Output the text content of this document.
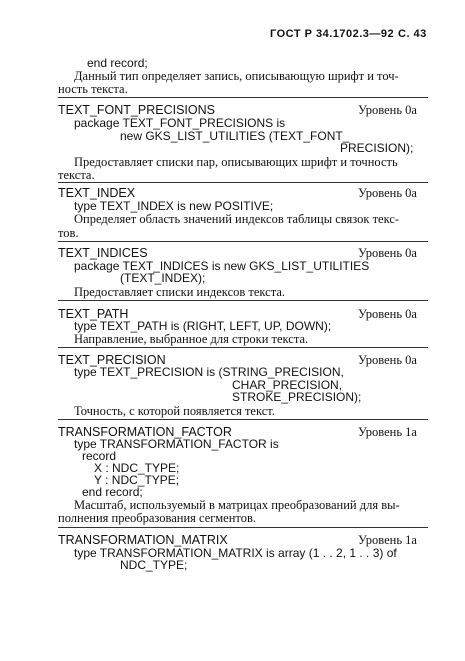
ГОСТ Р 34.1702.3—92 С. 43
end record;
Данный тип определяет запись, описывающую шрифт и точ-
ность текста.
TEXT_FONT_PRECISIONS	Уровень 0а
package TEXT_FONT_PRECISIONS is
new GKS_LIST_UTILITIES (TEXT_FONT_
PRECISION);
Предоставляет списки пар, описывающих шрифт и точность
текста.
TEXT_INDEX	Уровень 0а
type TEXT_INDEX is new POSITIVE;
Определяет область значений индексов таблицы связок текс-
тов.
TEXT_INDICES	Уровень 0а
package TEXT_INDICES is new GKS_LIST_UTILITIES
(TEXT_INDEX);
Предоставляет списки индексов текста.
TEXT_PATH	Уровень 0а
type TEXT_PATH is (RIGHT, LEFT, UP, DOWN);
Направление, выбранное для строки текста.
TEXT_PRECISION	Уровень 0а
type TEXT_PRECISION is (STRING_PRECISION,
CHAR_PRECISION,
STROKE_PRECISION);
Точность, с которой появляется текст.
TRANSFORMATION_FACTOR	Уровень 1а
type TRANSFORMATION_FACTOR is
record
X : NDC_TYPE;
Y : NDC_TYPE;
end record;
Масштаб, используемый в матрицах преобразований для вы-
полнения преобразования сегментов.
TRANSFORMATION_MATRIX	Уровень 1а
type TRANSFORMATION_MATRIX is array (1 . . 2, 1 . . 3) of
NDC_TYPE;
